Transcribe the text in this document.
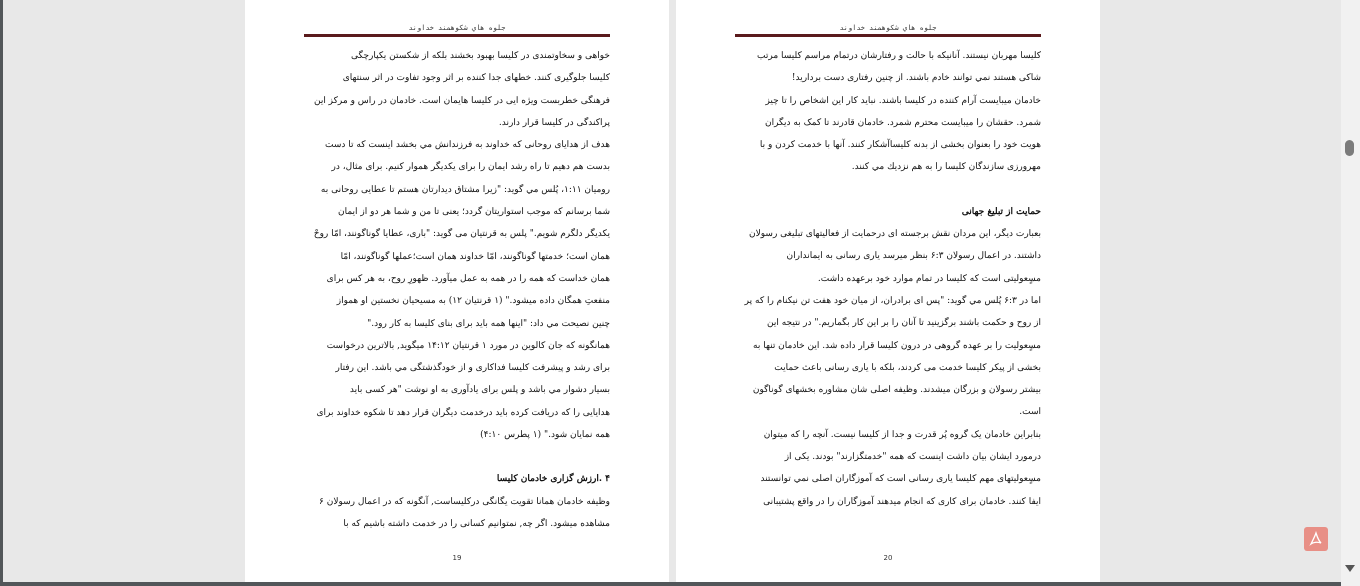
جلوه هاي شکوهمند خداوند
خواهی و سخاوتمندی در کلیسا بهبود بخشند بلکه از شکستن یکپارچگی
کلیسا جلوگیری کنند. خطهای جدا کننده بر اثر وجود تفاوت در اثر سنتهای
فرهنگی خطربست ویژه ایی در کلیسا هایمان است. خادمان در راس و مرکز این
پراکندگی در کلیسا قرار دارند.
هدف از هدایای روحانی که خداوند به فرزندانش مي بخشد اینست که تا دست
بدست هم دهیم تا راه رشد ایمان را برای یکدیگر هموار کنیم. برای مثال، در
رومیان ۱:۱۱، پُلس مي گوید: "زیرا مشتاق دیدارتان هستم تا عطایی روحانی به
شما برسانم که موجب استواریتان گردد؛ یعنی تا من و شما هر دو از ایمان
یکدیگر دلگرم شویم." پلس به قرنتیان می گوید: "باری، عطایا گوناگونند، امّا روحْ
همان است؛ خدمتها گوناگونند، امّا خداوند همان است؛عملها گوناگونند، امّا
همان خداست که همه را در همه به عمل میآورد. ظهورِ روح، به هر کس برای
منفعتِ همگان داده میشود." (۱ قرنتیان ۱۲) به مسیحیان نخستین او همواز
چنین نصیحت مي داد: "اینها همه باید برای بنای کلیسا به کار رود."
همانگونه که جان کالوین در مورد ۱ قرنتیان ۱۴:۱۲ میگوید, بالاترین درخواست
برای رشد و پیشرفت کلیسا فداکاری و از خودگذشتگی مي باشد. این رفتار
بسیار دشوار مي باشد و پلس برای یادآوری به او نوشت "هر کسی باید
هدایایی را که دریافت کرده باید درخدمت دیگران قرار دهد تا شکوه خداوند برای
همه نمایان شود." (۱ پطرس ۴:۱۰)
۴ .ارزش گزاری خادمان کلیسا
وظیفه خادمان همانا تقویت یگانگی درکلیساست, آنگونه که در اعمال رسولان ۶
مشاهده میشود. اگر چه, نمتوانیم کسانی را در خدمت داشته باشیم که با
19
جلوه هاي شکوهمند خداوند
کلیسا مهربان نیستند. آنانیکه با حالت و رفتارشان درتمام مراسم کلیسا مرتب
شاکی هستند نمي توانند خادم باشند. از چنین رفتاری دست بردارید!
خادمان میبایست آرام کننده در کلیسا باشند. نباید کار این اشخاص را تا چیز
شمرد. حقشان را میبایست محترم شمرد. خادمان قادرند تا کمک به دیگران
هویت خود را بعنوان بخشی از بدنه کلیساآشکار کنند. آنها با خدمت کردن و با
مهرورزی سازندگان کلیسا را به هم نزدیك مي كنند.
حمایت از تبلیغ جهانی
بعبارت دیگر، این مردان نقش برجسته ای درحمایت از فعالیتهای تبلیغی رسولان
داشتند. در اعمال رسولان ۶:۳ بنظر میرسد یاری رسانی به ایمانداران
مسٍعولیتی است که کلیسا در تمام موارد خود برعهده داشت.
اما در ۶:۳ پُلس مي گوید: "پس ای برادران، از میان خود هفت تن نیکنام را که پر
از روح و حکمت باشند برگزینید تا آنان را بر این کار بگماریم." در نتیجه این
مسٍعولیت را بر عهده گروهی در درون کلیسا قرار داده شد. این خادمان تنها به
بخشی از پیکر کلیسا خدمت می کردند، بلکه با یاری رسانی باعث حمایت
بیشتر رسولان و بزرگان میشدند. وظیفه اصلی شان مشاوره بخشهای گوناگون
است.
بنابراین خادمان یک گروه پُر قدرت و جدا از کلیسا نیست. آنچه را که میتوان
درمورد ایشان بیان داشت اینست که همه "خدمتگزارند" بودند. یکی از
مسٍعولیتهای مهم کلیسا یاری رسانی است که آموزگاران اصلی نمي توانستند
ایفا کنند. خادمان برای کاری که انجام میدهند آموزگاران را در واقع پشتیبانی
20
